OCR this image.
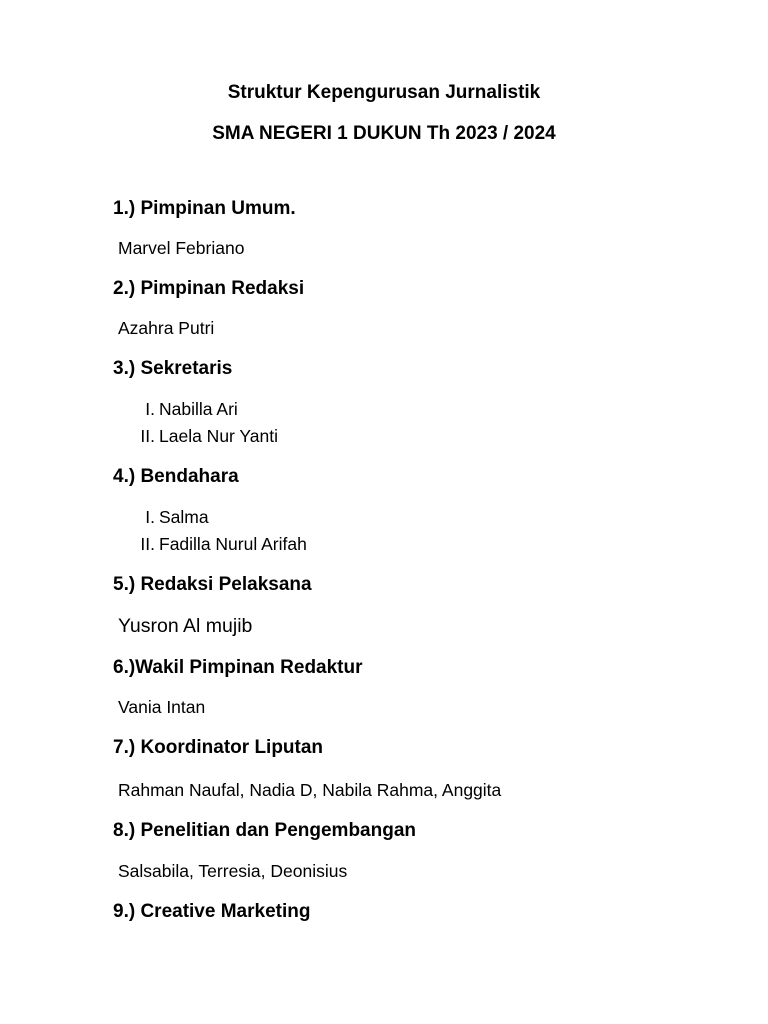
Struktur Kepengurusan Jurnalistik

SMA NEGERI 1 DUKUN Th 2023 / 2024

1.) Pimpinan Umum.

Marvel Febriano

2.) Pimpinan Redaksi

Azahra Putri

3.) Sekretaris

I. Nabilla Ari
II. Laela Nur Yanti

4.) Bendahara

I. Salma
II. Fadilla Nurul Arifah

5.) Redaksi Pelaksana

Yusron Al mujib

6.)Wakil Pimpinan Redaktur

Vania Intan

7.) Koordinator Liputan

Rahman Naufal, Nadia D, Nabila Rahma, Anggita

8.) Penelitian dan Pengembangan

Salsabila, Terresia, Deonisius

9.) Creative Marketing
